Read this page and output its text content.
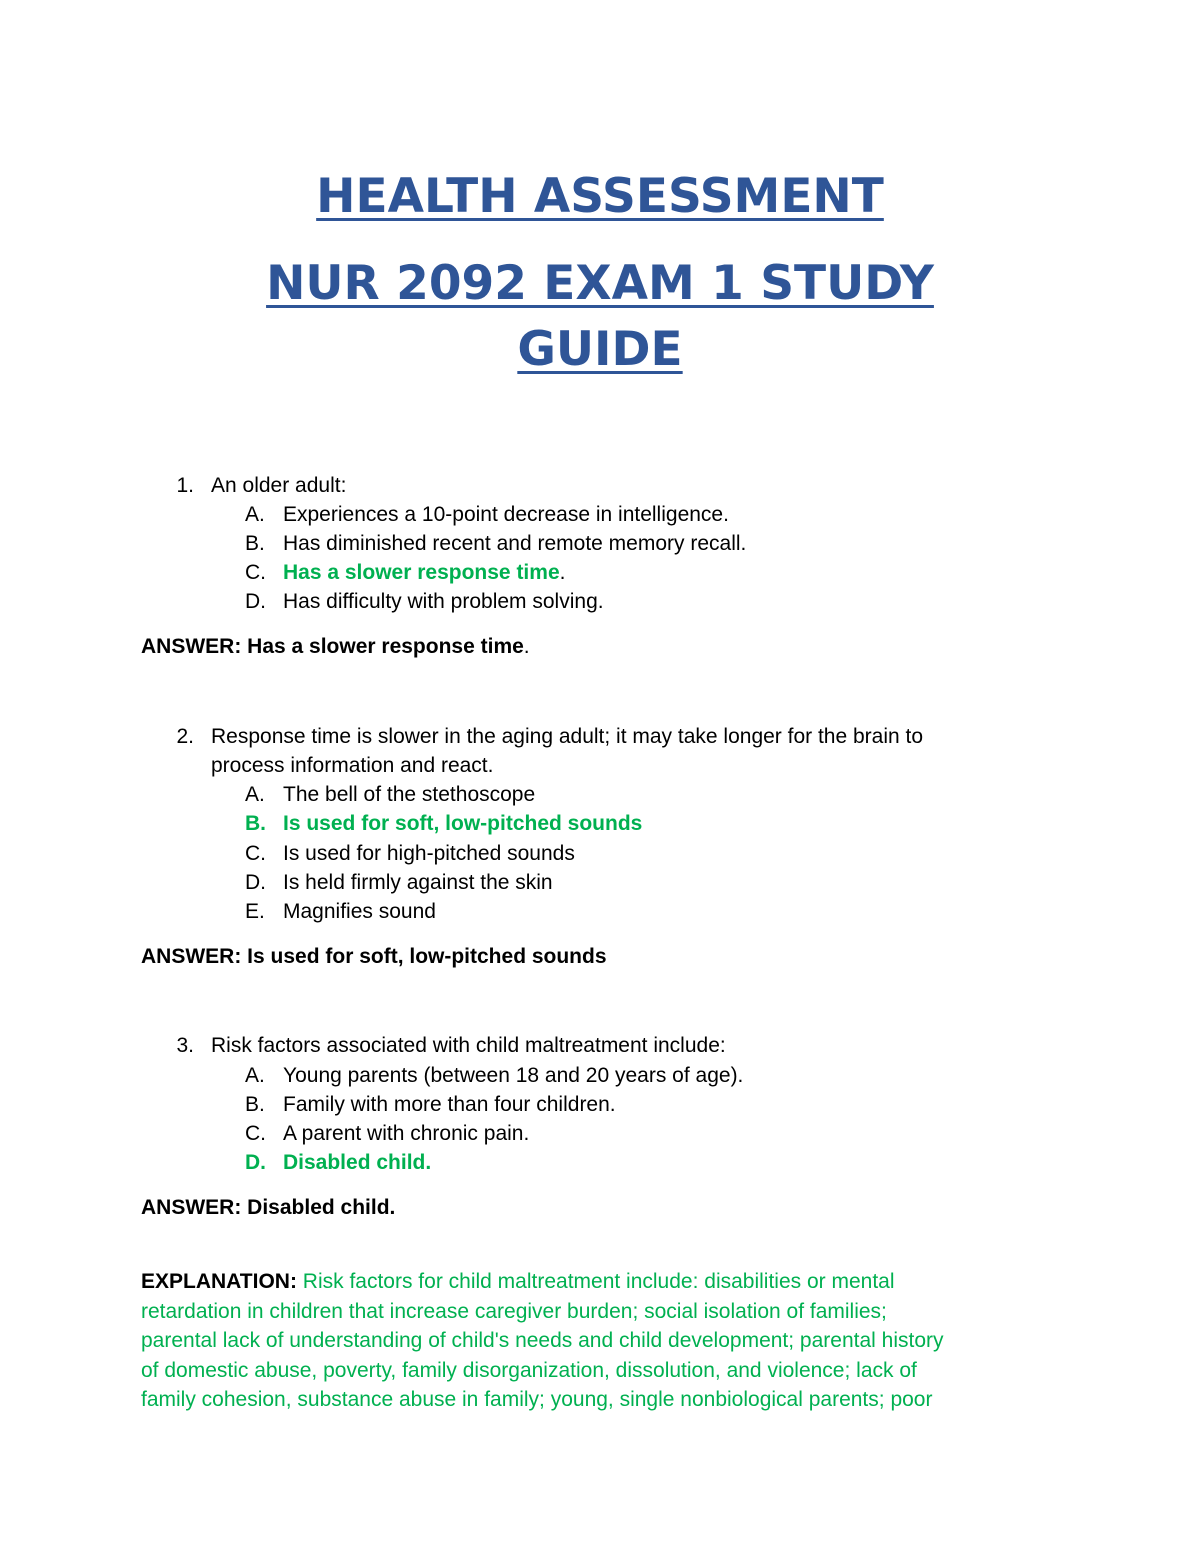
HEALTH ASSESSMENT
NUR 2092 EXAM 1 STUDY
GUIDE
1. An older adult:
A. Experiences a 10-point decrease in intelligence.
B. Has diminished recent and remote memory recall.
C. Has a slower response time.
D. Has difficulty with problem solving.
ANSWER: Has a slower response time.
2. Response time is slower in the aging adult; it may take longer for the brain to
process information and react.
A. The bell of the stethoscope
B. Is used for soft, low-pitched sounds
C. Is used for high-pitched sounds
D. Is held firmly against the skin
E. Magnifies sound
ANSWER: Is used for soft, low-pitched sounds
3. Risk factors associated with child maltreatment include:
A. Young parents (between 18 and 20 years of age).
B. Family with more than four children.
C. A parent with chronic pain.
D. Disabled child.
ANSWER: Disabled child.
EXPLANATION: Risk factors for child maltreatment include: disabilities or mental
retardation in children that increase caregiver burden; social isolation of families;
parental lack of understanding of child's needs and child development; parental history
of domestic abuse, poverty, family disorganization, dissolution, and violence; lack of
family cohesion, substance abuse in family; young, single nonbiological parents; poor
